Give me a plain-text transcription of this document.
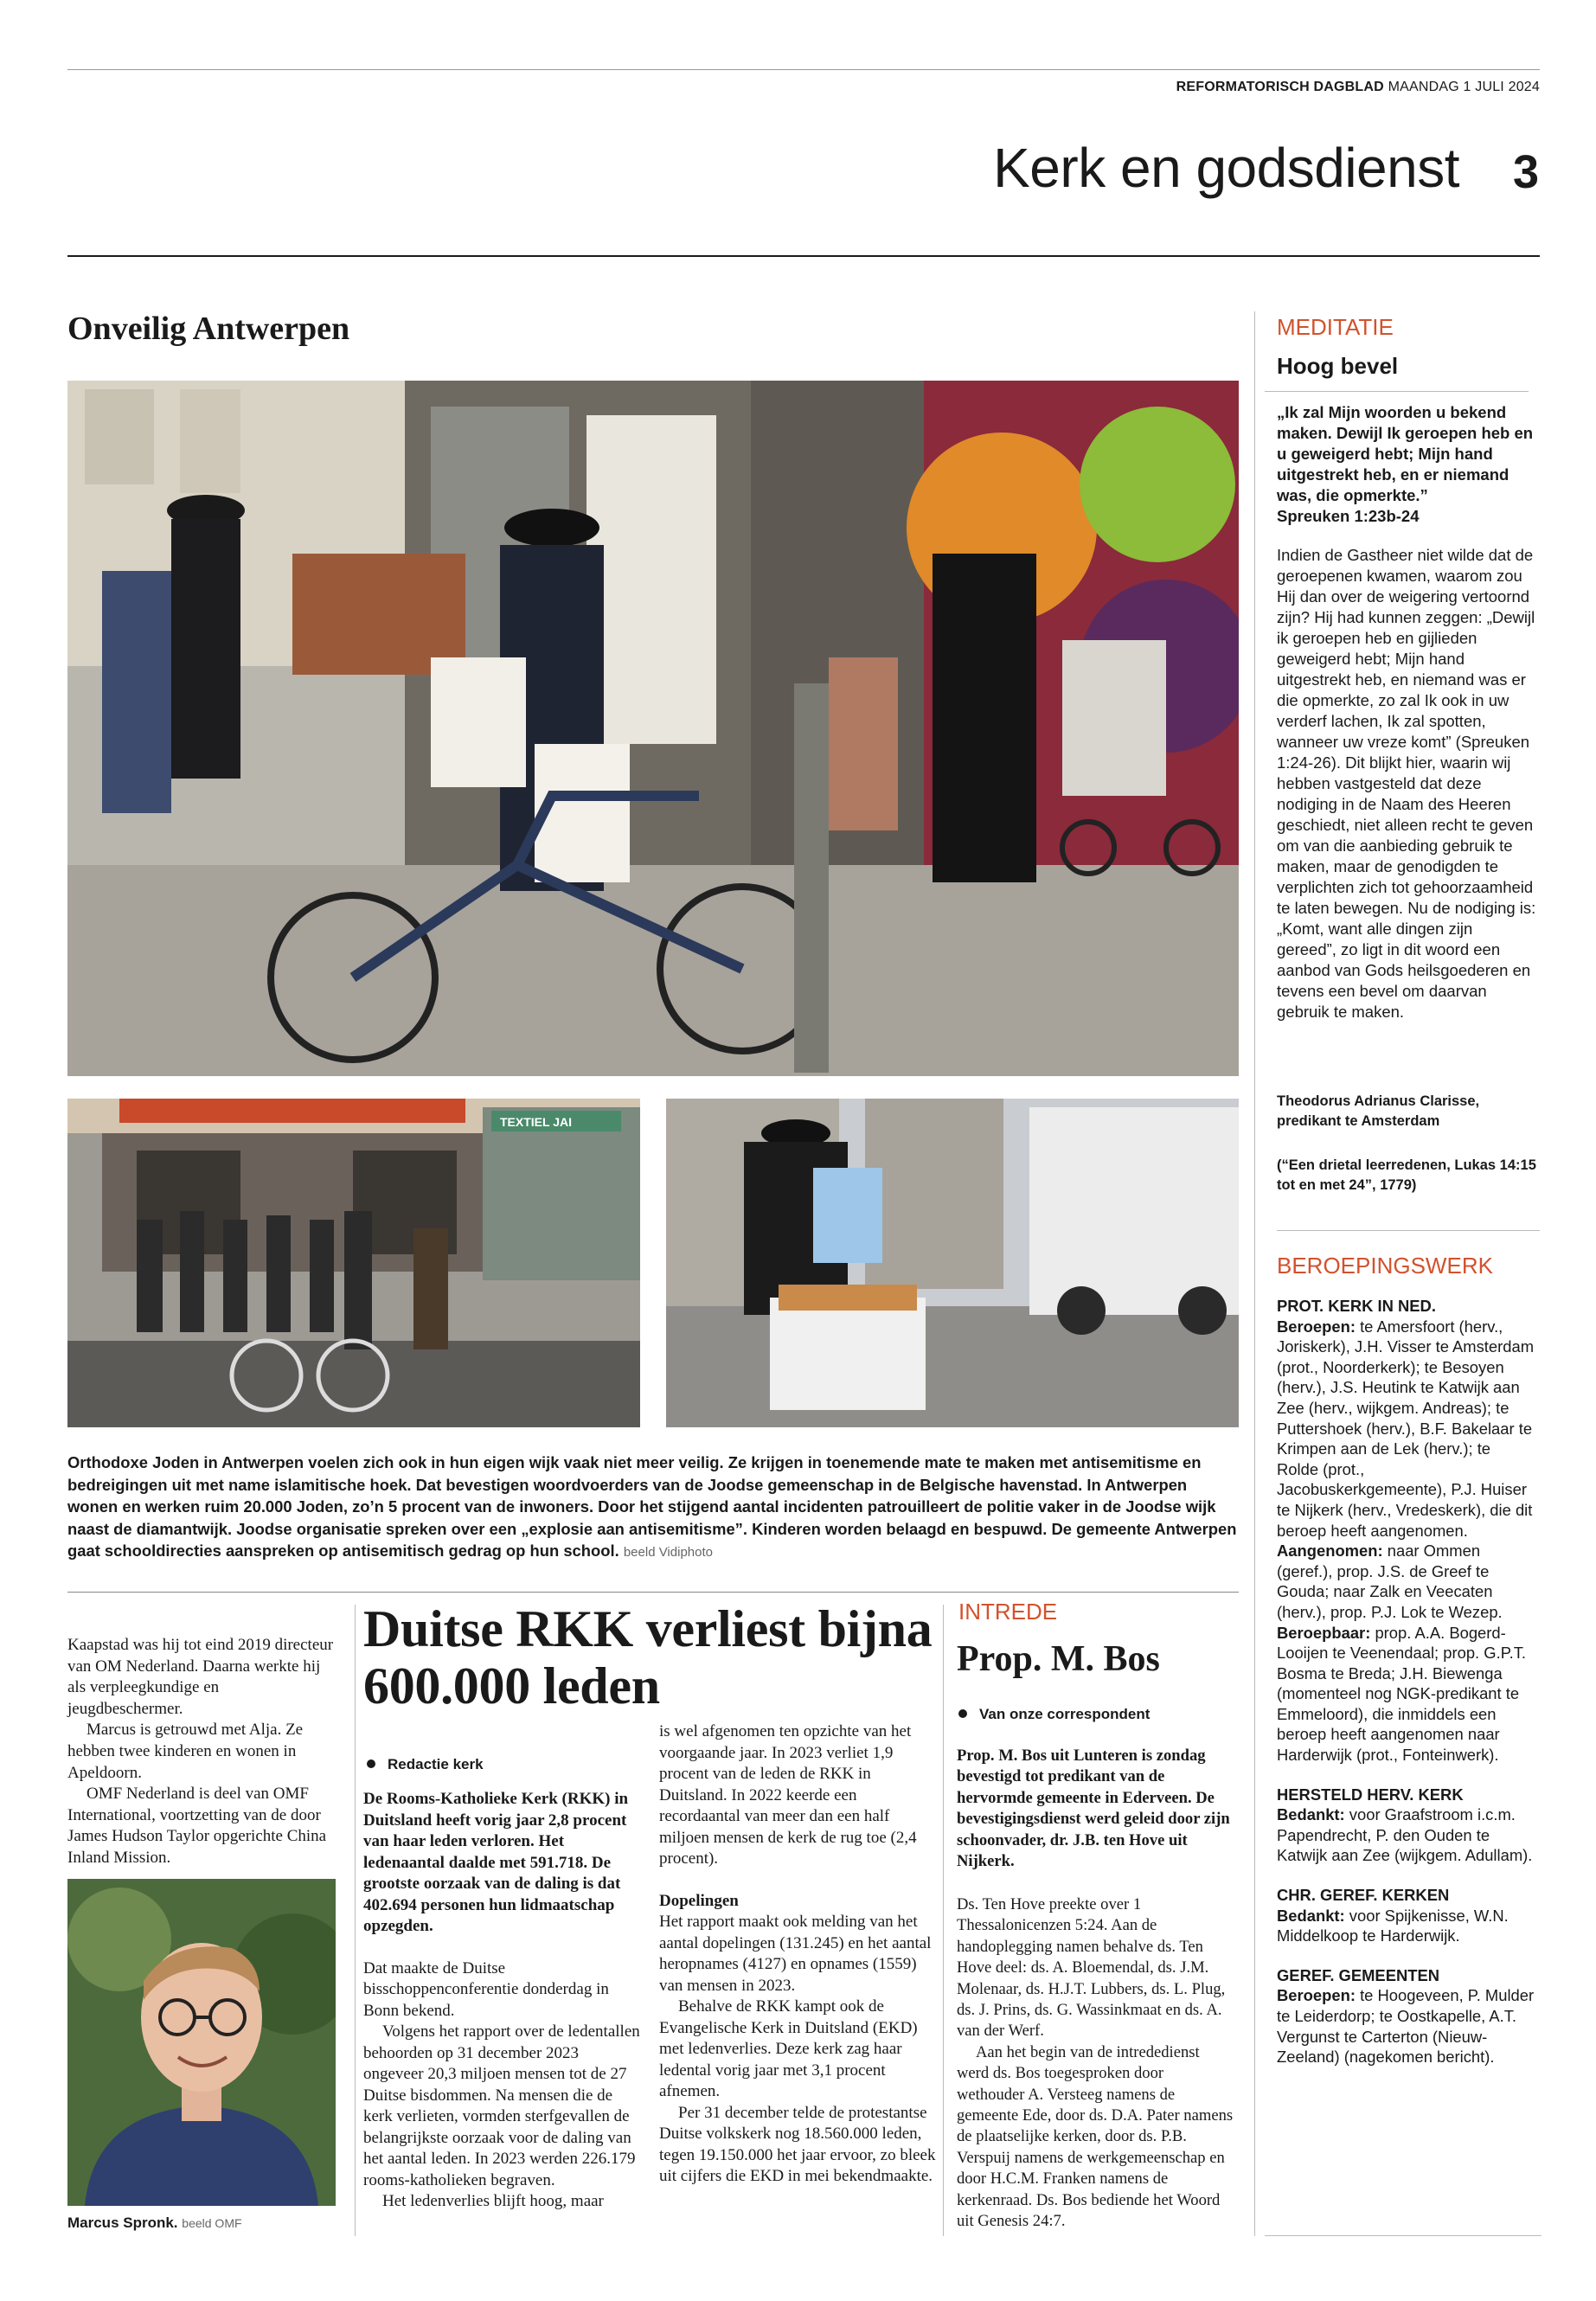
REFORMATORISCH DAGBLAD MAANDAG 1 JULI 2024
Kerk en godsdienst 3
Onveilig Antwerpen
TEXTIEL JAI
Orthodoxe Joden in Antwerpen voelen zich ook in hun eigen wijk vaak niet meer veilig. Ze krijgen in toenemende mate te maken met antisemitisme en bedreigingen uit met name islamitische hoek. Dat bevestigen woordvoerders van de Joodse gemeenschap in de Belgische havenstad. In Antwerpen wonen en werken ruim 20.000 Joden, zo’n 5 procent van de inwoners. Door het stijgend aantal incidenten patrouilleert de politie vaker in de Joodse wijk naast de diamantwijk. Joodse organisatie spreken over een „explosie aan antisemitisme”. Kinderen worden belaagd en bespuwd. De gemeente Antwerpen gaat schooldirecties aanspreken op antisemitisch gedrag op hun school. beeld Vidiphoto

Kaapstad was hij tot eind 2019 directeur van OM Nederland. Daarna werkte hij als verpleegkundige en jeugdbeschermer.

Marcus is getrouwd met Alja. Ze hebben twee kinderen en wonen in Apeldoorn.

OMF Nederland is deel van OMF International, voortzetting van de door James Hudson Taylor opgerichte China Inland Mission.

Marcus Spronk. beeld OMF
Duitse RKK verliest bijna 600.000 leden
Redactie kerk
De Rooms-Katholieke Kerk (RKK) in Duitsland heeft vorig jaar 2,8 procent van haar leden verloren. Het ledenaantal daalde met 591.718. De grootste oorzaak van de daling is dat 402.694 personen hun lidmaatschap opzegden.

Dat maakte de Duitse bisschoppenconferentie donderdag in Bonn bekend.

Volgens het rapport over de ledentallen behoorden op 31 december 2023 ongeveer 20,3 miljoen mensen tot de 27 Duitse bisdommen. Na mensen die de kerk verlieten, vormden sterfgevallen de belangrijkste oorzaak voor de daling van het aantal leden. In 2023 werden 226.179 rooms-katholieken begraven.

Het ledenverlies blijft hoog, maar

is wel afgenomen ten opzichte van het voorgaande jaar. In 2023 verliet 1,9 procent van de leden de RKK in Duitsland. In 2022 keerde een recordaantal van meer dan een half miljoen mensen de kerk de rug toe (2,4 procent).

Dopelingen

Het rapport maakt ook melding van het aantal dopelingen (131.245) en het aantal heropnames (4127) en opnames (1559) van mensen in 2023.

Behalve de RKK kampt ook de Evangelische Kerk in Duitsland (EKD) met ledenverlies. Deze kerk zag haar ledental vorig jaar met 3,1 procent afnemen.

Per 31 december telde de protestantse Duitse volkskerk nog 18.560.000 leden, tegen 19.150.000 het jaar ervoor, zo bleek uit cijfers die EKD in mei bekendmaakte.

INTREDE
Prop. M. Bos
Van onze correspondent
Prop. M. Bos uit Lunteren is zondag bevestigd tot predikant van de hervormde gemeente in Ederveen. De bevestigingsdienst werd geleid door zijn schoonvader, dr. J.B. ten Hove uit Nijkerk.

Ds. Ten Hove preekte over 1 Thessalonicenzen 5:24. Aan de handoplegging namen behalve ds. Ten Hove deel: ds. A. Bloemendal, ds. J.M. Molenaar, ds. H.J.T. Lubbers, ds. L. Plug, ds. J. Prins, ds. G. Wassinkmaat en ds. A. van der Werf.

Aan het begin van de intrededienst werd ds. Bos toegesproken door wethouder A. Versteeg namens de gemeente Ede, door ds. D.A. Pater namens de plaatselijke kerken, door ds. P.B. Verspuij namens de werkgemeenschap en door H.C.M. Franken namens de kerkenraad. Ds. Bos bediende het Woord uit Genesis 24:7.

MEDITATIE
Hoog bevel
„Ik zal Mijn woorden u bekend maken. Dewijl Ik geroepen heb en u geweigerd hebt; Mijn hand uitgestrekt heb, en er niemand was, die opmerkte.”
Spreuken 1:23b-24
Indien de Gastheer niet wilde dat de geroepenen kwamen, waarom zou Hij dan over de weigering vertoornd zijn? Hij had kunnen zeggen: „Dewijl ik geroepen heb en gijlieden geweigerd hebt; Mijn hand uitgestrekt heb, en niemand was er die opmerkte, zo zal Ik ook in uw verderf lachen, Ik zal spotten, wanneer uw vreze komt” (Spreuken 1:24-26). Dit blijkt hier, waarin wij hebben vastgesteld dat deze nodiging in de Naam des Heeren geschiedt, niet alleen recht te geven om van die aanbieding gebruik te maken, maar de genodigden te verplichten zich tot gehoorzaamheid te laten bewegen. Nu de nodiging is: „Komt, want alle dingen zijn gereed”, zo ligt in dit woord een aanbod van Gods heilsgoederen en tevens een bevel om daarvan gebruik te maken.
Theodorus Adrianus Clarisse, predikant te Amsterdam
(“Een drietal leerredenen, Lukas 14:15 tot en met 24”, 1779)
BEROEPINGSWERK
PROT. KERK IN NED.
Beroepen: te Amersfoort (herv., Joriskerk), J.H. Visser te Amsterdam (prot., Noorderkerk); te Besoyen (herv.), J.S. Heutink te Katwijk aan Zee (herv., wijkgem. Andreas); te Puttershoek (herv.), B.F. Bakelaar te Krimpen aan de Lek (herv.); te Rolde (prot., Jacobuskerkgemeente), P.J. Huiser te Nijkerk (herv., Vredeskerk), die dit beroep heeft aangenomen.
Aangenomen: naar Ommen (geref.), prop. J.S. de Greef te Gouda; naar Zalk en Veecaten (herv.), prop. P.J. Lok te Wezep.
Beroepbaar: prop. A.A. Bogerd-Looijen te Veenendaal; prop. G.P.T. Bosma te Breda; J.H. Biewenga (momenteel nog NGK-predikant te Emmeloord), die inmiddels een beroep heeft aangenomen naar Harderwijk (prot., Fonteinwerk).
HERSTELD HERV. KERK
Bedankt: voor Graafstroom i.c.m. Papendrecht, P. den Ouden te Katwijk aan Zee (wijkgem. Adullam).
CHR. GEREF. KERKEN
Bedankt: voor Spijkenisse, W.N. Middelkoop te Harderwijk.
GEREF. GEMEENTEN
Beroepen: te Hoogeveen, P. Mulder te Leiderdorp; te Oostkapelle, A.T. Vergunst te Carterton (Nieuw-Zeeland) (nagekomen bericht).
